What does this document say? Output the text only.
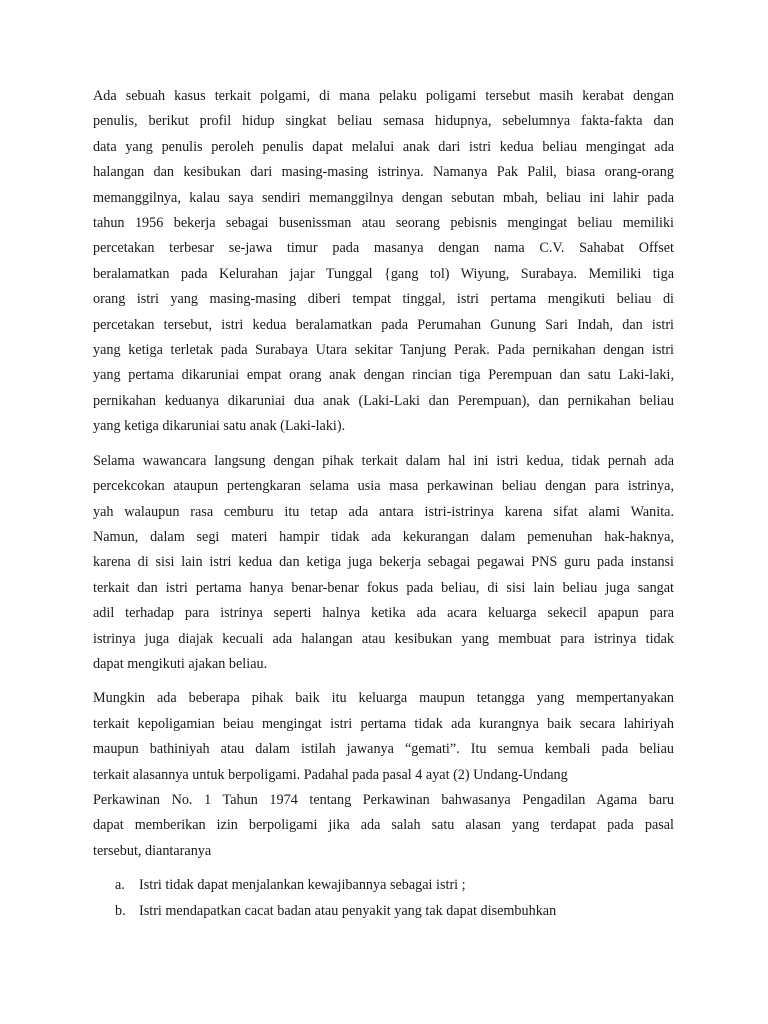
Ada sebuah kasus terkait polgami, di mana pelaku poligami tersebut masih kerabat dengan
penulis, berikut profil hidup singkat beliau semasa hidupnya, sebelumnya fakta-fakta dan
data yang penulis peroleh penulis dapat melalui anak dari istri kedua beliau mengingat ada
halangan dan kesibukan dari masing-masing istrinya. Namanya Pak Palil, biasa orang-orang
memanggilnya, kalau saya sendiri memanggilnya dengan sebutan mbah, beliau ini lahir pada
tahun 1956 bekerja sebagai busenissman atau seorang pebisnis mengingat beliau memiliki
percetakan terbesar se-jawa timur pada masanya dengan nama C.V. Sahabat Offset
beralamatkan pada Kelurahan jajar Tunggal {gang tol) Wiyung, Surabaya. Memiliki tiga
orang istri yang masing-masing diberi tempat tinggal, istri pertama mengikuti beliau di
percetakan tersebut, istri kedua beralamatkan pada Perumahan Gunung Sari Indah, dan istri
yang ketiga terletak pada Surabaya Utara sekitar Tanjung Perak. Pada pernikahan dengan istri
yang pertama dikaruniai empat orang anak dengan rincian tiga Perempuan dan satu Laki-laki,
pernikahan keduanya dikaruniai dua anak (Laki-Laki dan Perempuan), dan pernikahan beliau
yang ketiga dikaruniai satu anak (Laki-laki).

Selama wawancara langsung dengan pihak terkait dalam hal ini istri kedua, tidak pernah ada
percekcokan ataupun pertengkaran selama usia masa perkawinan beliau dengan para istrinya,
yah walaupun rasa cemburu itu tetap ada antara istri-istrinya karena sifat alami Wanita.
Namun, dalam segi materi hampir tidak ada kekurangan dalam pemenuhan hak-haknya,
karena di sisi lain istri kedua dan ketiga juga bekerja sebagai pegawai PNS guru pada instansi
terkait dan istri pertama hanya benar-benar fokus pada beliau, di sisi lain beliau juga sangat
adil terhadap para istrinya seperti halnya ketika ada acara keluarga sekecil apapun para
istrinya juga diajak kecuali ada halangan atau kesibukan yang membuat para istrinya tidak
dapat mengikuti ajakan beliau.

Mungkin ada beberapa pihak baik itu keluarga maupun tetangga yang mempertanyakan
terkait kepoligamian beiau mengingat istri pertama tidak ada kurangnya baik secara lahiriyah
maupun bathiniyah atau dalam istilah jawanya “gemati”. Itu semua kembali pada beliau
terkait alasannya untuk berpoligami. Padahal pada pasal 4 ayat (2) Undang-Undang
Perkawinan No. 1 Tahun 1974 tentang Perkawinan bahwasanya Pengadilan Agama baru
dapat memberikan izin berpoligami jika ada salah satu alasan yang terdapat pada pasal
tersebut, diantaranya

a. Istri tidak dapat menjalankan kewajibannya sebagai istri ;
b. Istri mendapatkan cacat badan atau penyakit yang tak dapat disembuhkan
